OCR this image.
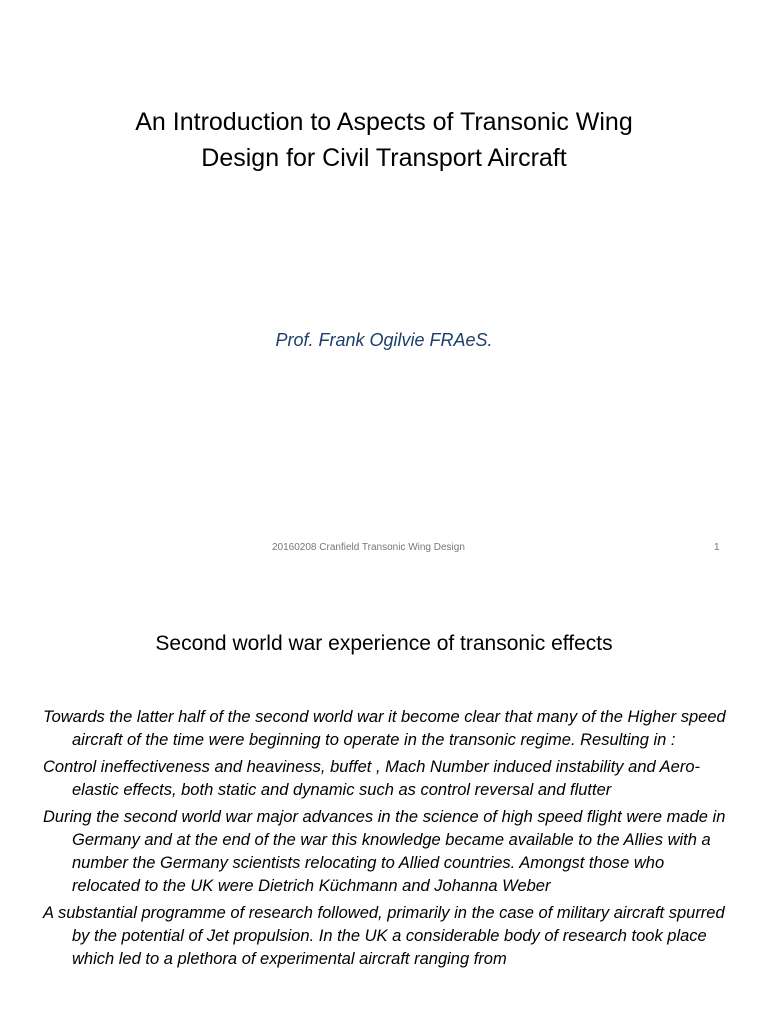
An Introduction to Aspects of Transonic Wing
Design for Civil Transport Aircraft
Prof. Frank Ogilvie FRAeS.
20160208 Cranfield Transonic Wing Design	1
Second world war experience of transonic effects

Towards the latter half of the second world war it become clear that many of the Higher speed aircraft of the time were beginning to operate in the transonic regime. Resulting in :

Control ineffectiveness and heaviness, buffet , Mach Number induced instability and Aero-elastic effects, both static and dynamic such as control reversal and flutter

During the second world war major advances in the science of high speed flight were made in Germany and at the end of the war this knowledge became available to the Allies with a number the Germany scientists relocating to Allied countries. Amongst those who relocated to the UK were Dietrich Küchmann and Johanna Weber

A substantial programme of research followed, primarily in the case of military aircraft spurred by the potential of Jet propulsion. In the UK a considerable body of research took place which led to a plethora of experimental aircraft ranging from
